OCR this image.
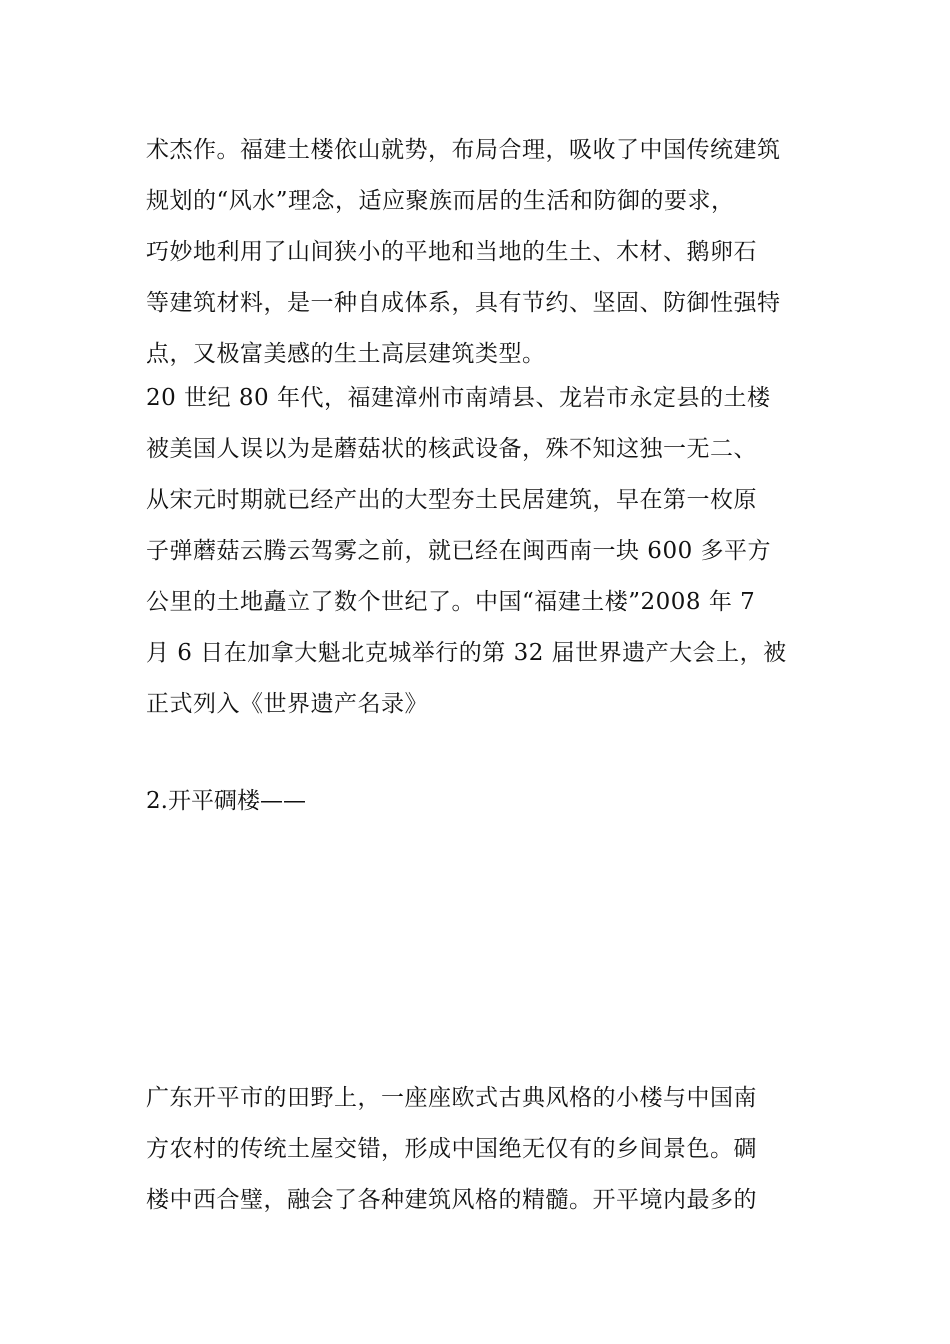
术杰作。福建土楼依山就势，布局合理，吸收了中国传统建筑
规划的“风水”理念，适应聚族而居的生活和防御的要求，
巧妙地利用了山间狭小的平地和当地的生土、木材、鹅卵石
等建筑材料，是一种自成体系，具有节约、坚固、防御性强特
点，又极富美感的生土高层建筑类型。
20 世纪 80 年代，福建漳州市南靖县、龙岩市永定县的土楼
被美国人误以为是蘑菇状的核武设备，殊不知这独一无二、
从宋元时期就已经产出的大型夯土民居建筑，早在第一枚原
子弹蘑菇云腾云驾雾之前，就已经在闽西南一块 600 多平方
公里的土地矗立了数个世纪了。中国“福建土楼”2008 年 7
月 6 日在加拿大魁北克城举行的第 32 届世界遗产大会上，被
正式列入《世界遗产名录》
2.开平碉楼——
广东开平市的田野上，一座座欧式古典风格的小楼与中国南
方农村的传统土屋交错，形成中国绝无仅有的乡间景色。碉
楼中西合璧，融会了各种建筑风格的精髓。开平境内最多的
